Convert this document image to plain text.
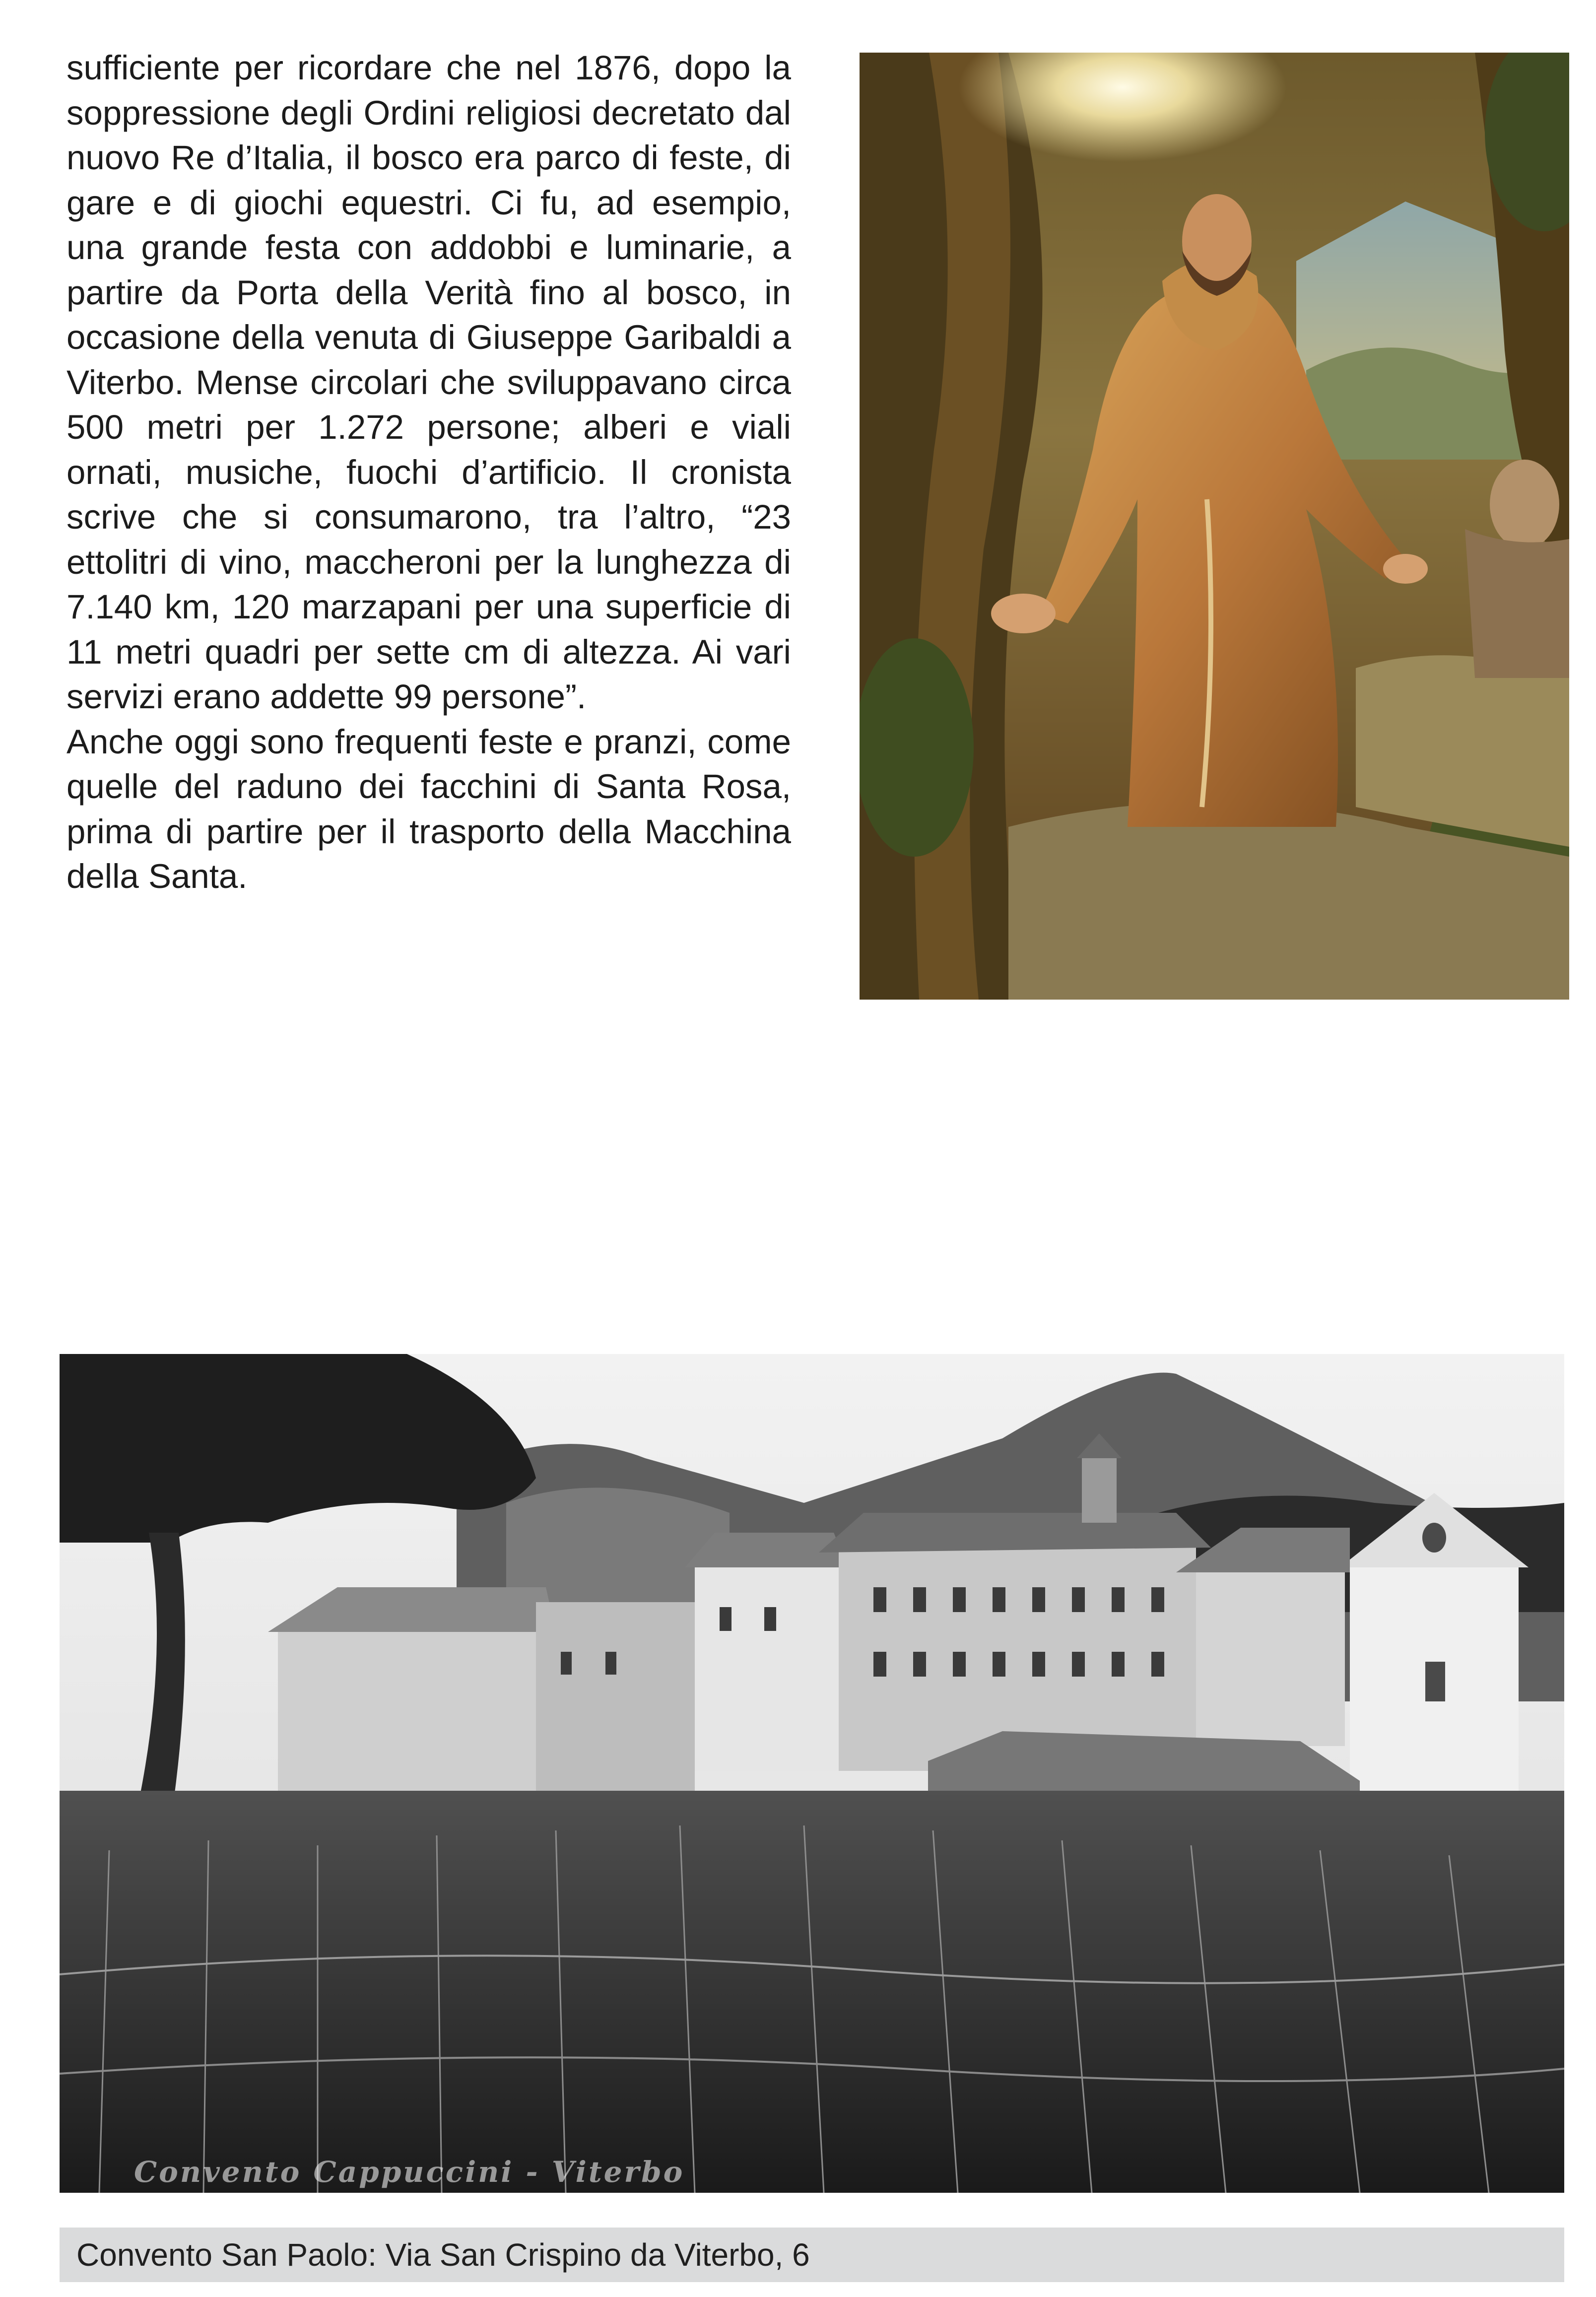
sufficiente per ricordare che nel 1876, dopo la soppressione degli Ordini religiosi decretato dal nuovo Re d’Italia, il bosco era parco di feste, di gare e di giochi equestri. Ci fu, ad esempio, una grande festa con addobbi e luminarie, a partire da Porta della Verità fino al bosco, in occasione della venuta di Giuseppe Garibaldi a Viterbo. Mense circolari che sviluppavano circa 500 metri per 1.272 persone; alberi e viali ornati, musiche, fuochi d’artificio. Il cronista scrive che si consumarono, tra l’altro, “23 ettolitri di vino, maccheroni per la lunghezza di 7.140 km, 120 marzapani per una superficie di 11 metri quadri per sette cm di altezza. Ai vari servizi erano addette 99 persone”.

Anche oggi sono frequenti feste e pranzi, come quelle del raduno dei facchini di Santa Rosa, prima di partire per il trasporto della Macchina della Santa.

Convento Cappuccini - Viterbo
Convento San Paolo: Via San Crispino da Viterbo, 6
